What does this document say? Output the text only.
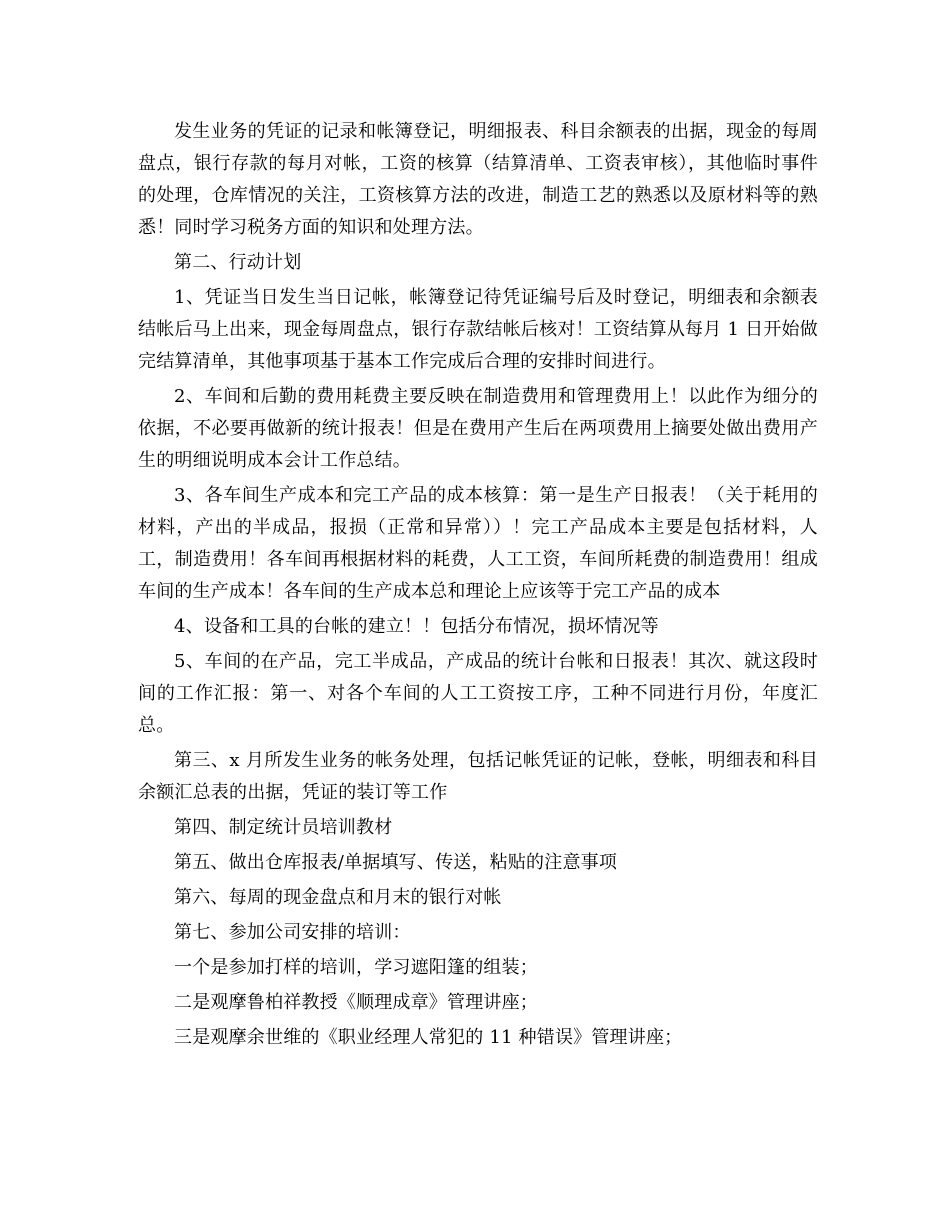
发生业务的凭证的记录和帐簿登记，明细报表、科目余额表的出据，现金的每周盘点，银行存款的每月对帐，工资的核算（结算清单、工资表审核），其他临时事件的处理，仓库情况的关注，工资核算方法的改进，制造工艺的熟悉以及原材料等的熟悉！同时学习税务方面的知识和处理方法。

第二、行动计划

1、凭证当日发生当日记帐，帐簿登记待凭证编号后及时登记，明细表和余额表结帐后马上出来，现金每周盘点，银行存款结帐后核对！工资结算从每月 1 日开始做完结算清单，其他事项基于基本工作完成后合理的安排时间进行。

2、车间和后勤的费用耗费主要反映在制造费用和管理费用上！以此作为细分的依据，不必要再做新的统计报表！但是在费用产生后在两项费用上摘要处做出费用产生的明细说明成本会计工作总结。

3、各车间生产成本和完工产品的成本核算：第一是生产日报表！（关于耗用的材料，产出的半成品，报损（正常和异常））！完工产品成本主要是包括材料，人工，制造费用！各车间再根据材料的耗费，人工工资，车间所耗费的制造费用！组成车间的生产成本！各车间的生产成本总和理论上应该等于完工产品的成本

4、设备和工具的台帐的建立！！包括分布情况，损坏情况等

5、车间的在产品，完工半成品，产成品的统计台帐和日报表！其次、就这段时间的工作汇报：第一、对各个车间的人工工资按工序，工种不同进行月份，年度汇总。

第三、x 月所发生业务的帐务处理，包括记帐凭证的记帐，登帐，明细表和科目余额汇总表的出据，凭证的装订等工作

第四、制定统计员培训教材

第五、做出仓库报表/单据填写、传送，粘贴的注意事项

第六、每周的现金盘点和月末的银行对帐

第七、参加公司安排的培训：

一个是参加打样的培训，学习遮阳篷的组装；

二是观摩鲁柏祥教授《顺理成章》管理讲座；

三是观摩余世维的《职业经理人常犯的 11 种错误》管理讲座；
